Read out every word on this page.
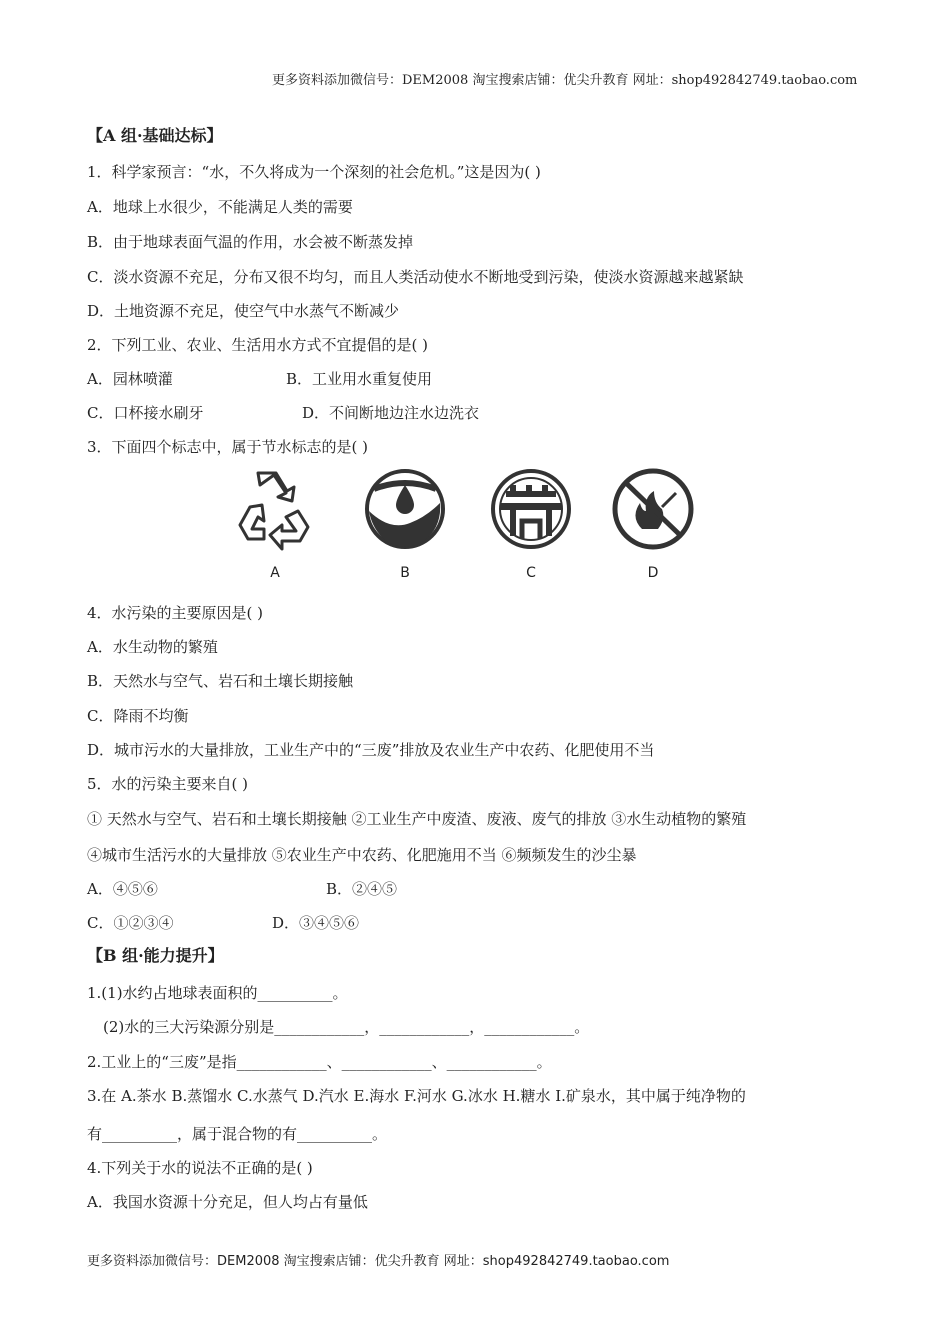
更多资料添加微信号：DEM2008 淘宝搜索店铺：优尖升教育 网址：shop492842749.taobao.com
【A 组·基础达标】
1．科学家预言：“水，不久将成为一个深刻的社会危机。”这是因为( )
A．地球上水很少，不能满足人类的需要
B．由于地球表面气温的作用，水会被不断蒸发掉
C．淡水资源不充足，分布又很不均匀，而且人类活动使水不断地受到污染，使淡水资源越来越紧缺
D．土地资源不充足，使空气中水蒸气不断减少
2．下列工业、农业、生活用水方式不宜提倡的是( )
A．园林喷灌	B．工业用水重复使用
C．口杯接水刷牙	D．不间断地边注水边洗衣
3．下面四个标志中，属于节水标志的是( )
A	B	C	D
4．水污染的主要原因是( )
A．水生动物的繁殖
B．天然水与空气、岩石和土壤长期接触
C．降雨不均衡
D．城市污水的大量排放，工业生产中的“三废”排放及农业生产中农药、化肥使用不当
5．水的污染主要来自( )
① 天然水与空气、岩石和土壤长期接触 ②工业生产中废渣、废液、废气的排放 ③水生动植物的繁殖
④城市生活污水的大量排放 ⑤农业生产中农药、化肥施用不当 ⑥频频发生的沙尘暴
A．④⑤⑥	B．②④⑤
C．①②③④	D．③④⑤⑥
【B 组·能力提升】
1.(1)水约占地球表面积的__________。
(2)水的三大污染源分别是____________，____________，____________。
2.工业上的“三废”是指____________、____________、____________。
3.在 A.茶水 B.蒸馏水 C.水蒸气 D.汽水 E.海水 F.河水 G.冰水 H.糖水 I.矿泉水，其中属于纯净物的
有__________，属于混合物的有__________。
4.下列关于水的说法不正确的是( )
A．我国水资源十分充足，但人均占有量低
更多资料添加微信号：DEM2008 淘宝搜索店铺：优尖升教育 网址：shop492842749.taobao.com
